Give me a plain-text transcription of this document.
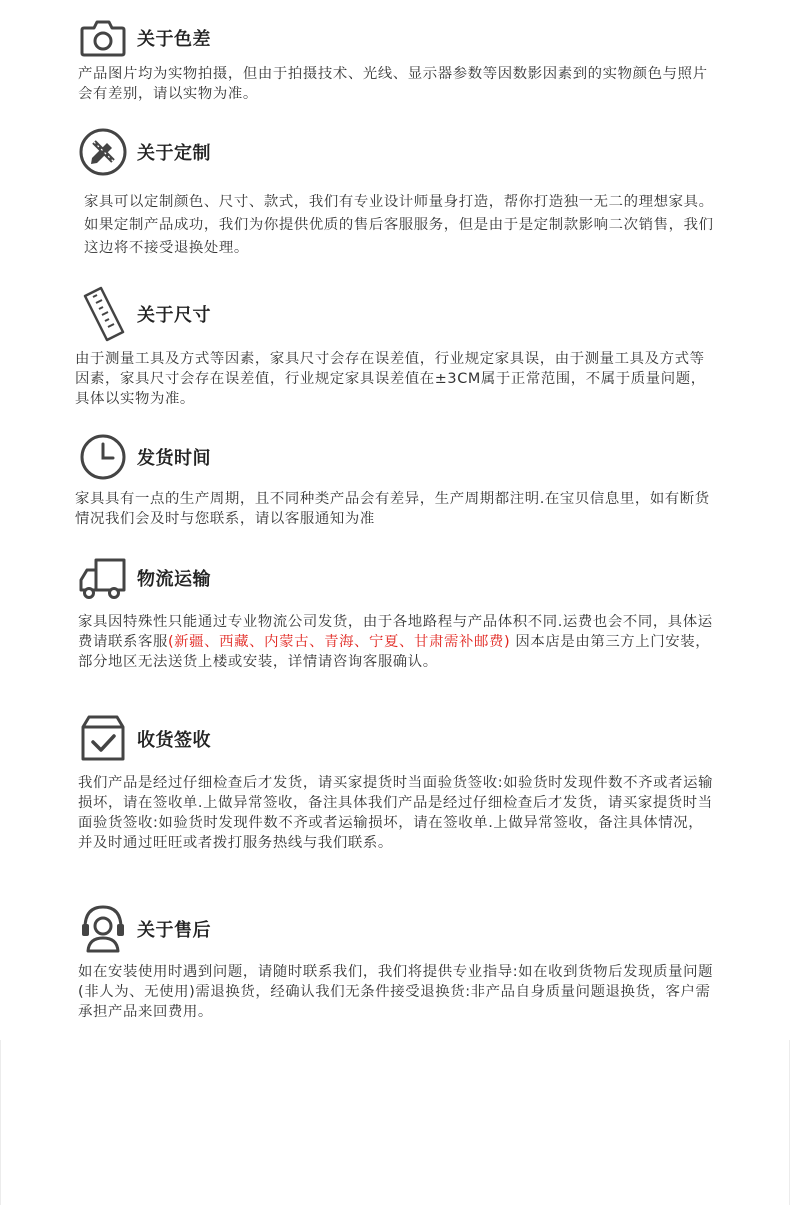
关于色差
产品图片均为实物拍摄，但由于拍摄技术、光线、显示器参数等因数影因素到的实物颜色与照片会有差别，请以实物为准。
关于定制
家具可以定制颜色、尺寸、款式，我们有专业设计师量身打造，帮你打造独一无二的理想家具。如果定制产品成功，我们为你提供优质的售后客服服务，但是由于是定制款影响二次销售，我们这边将不接受退换处理。
关于尺寸
由于测量工具及方式等因素，家具尺寸会存在误差值，行业规定家具误，由于测量工具及方式等因素，家具尺寸会存在误差值，行业规定家具误差值在±3CM属于正常范围，不属于质量问题，具体以实物为准。
发货时间
家具具有一点的生产周期，且不同种类产品会有差异，生产周期都注明.在宝贝信息里，如有断货情况我们会及时与您联系，请以客服通知为准
物流运输
家具因特殊性只能通过专业物流公司发货，由于各地路程与产品体积不同.运费也会不同，具体运费请联系客服(新疆、西藏、内蒙古、青海、宁夏、甘肃需补邮费) 因本店是由第三方上门安装，部分地区无法送货上楼或安装，详情请咨询客服确认。
收货签收
我们产品是经过仔细检查后才发货，请买家提货时当面验货签收:如验货时发现件数不齐或者运输损坏，请在签收单.上做异常签收，备注具体我们产品是经过仔细检查后才发货，请买家提货时当面验货签收:如验货时发现件数不齐或者运输损坏，请在签收单.上做异常签收，备注具体情况，并及时通过旺旺或者拨打服务热线与我们联系。
关于售后
如在安装使用时遇到问题，请随时联系我们，我们将提供专业指导:如在收到货物后发现质量问题(非人为、无使用)需退换货，经确认我们无条件接受退换货:非产品自身质量问题退换货，客户需承担产品来回费用。
